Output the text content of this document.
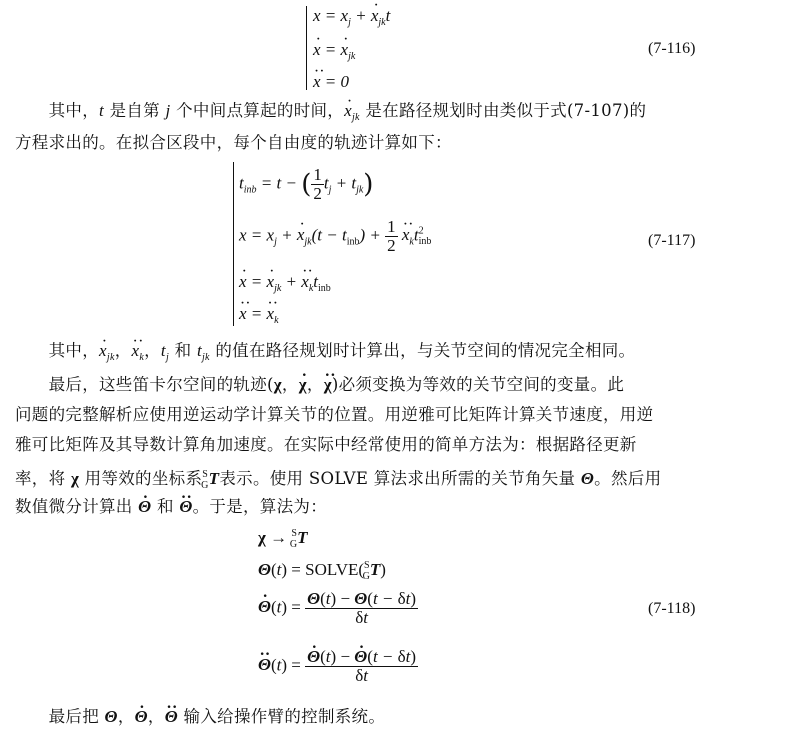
$x = x_j$ + · $x_{jk}t$
· x = · $x_{jk}$
·· x = 0
(7-116)
　　其中，t 是自第 j 个中间点算起的时间，· $x_{jk}$ 是在路径规划时由类似于式(7-107)的
方程求出的。在拟合区段中，每个自由度的轨迹计算如下：
$t_{inb} = t$ − ( $\frac{1}{2} t_j + t_{jk}$)
$x = x_j$ + · $x_{jk}(t - t_{inb}) + \frac{1}{2}$
·· $x_kt^2_{inb}$
· x = · $x_{jk}$ + ·· $x_kt_{inb}$
·· x = ·· $x_k$
(7-117)
　　其中，· $x_{jk}$，·· $x_k$，$t_j$ 和 $t_{jk}$ 的值在路径规划时计算出，与关节空间的情况完全相同。
　　最后，这些笛卡尔空间的轨迹(χ，· χ，·· χ)必须变换为等效的关节空间的变量。此
问题的完整解析应使用逆运动学计算关节的位置。用逆雅可比矩阵计算关节速度，用逆
雅可比矩阵及其导数计算角加速度。在实际中经常使用的简单方法为：根据路径更新
率，将 χ 用等效的坐标系$^S_G$T表示。使用 SOLVE 算法求出所需的关节角矢量 Θ。然后用
数值微分计算出 · Θ 和 ·· Θ。于是，算法为：
χ → $^S_G$T
Θ(t) = SOLVE($^S_G$T)
· $\Theta(t) = \frac{\Theta(t) - \Theta(t - \delta t)}{\delta t}$	(7-118)
·· Θ(t) =
· $\frac{\Theta(t) - \cdot \Theta(t - \delta t)}{\delta t}$
　　最后把 Θ，· Θ，·· Θ 输入给操作臂的控制系统。
